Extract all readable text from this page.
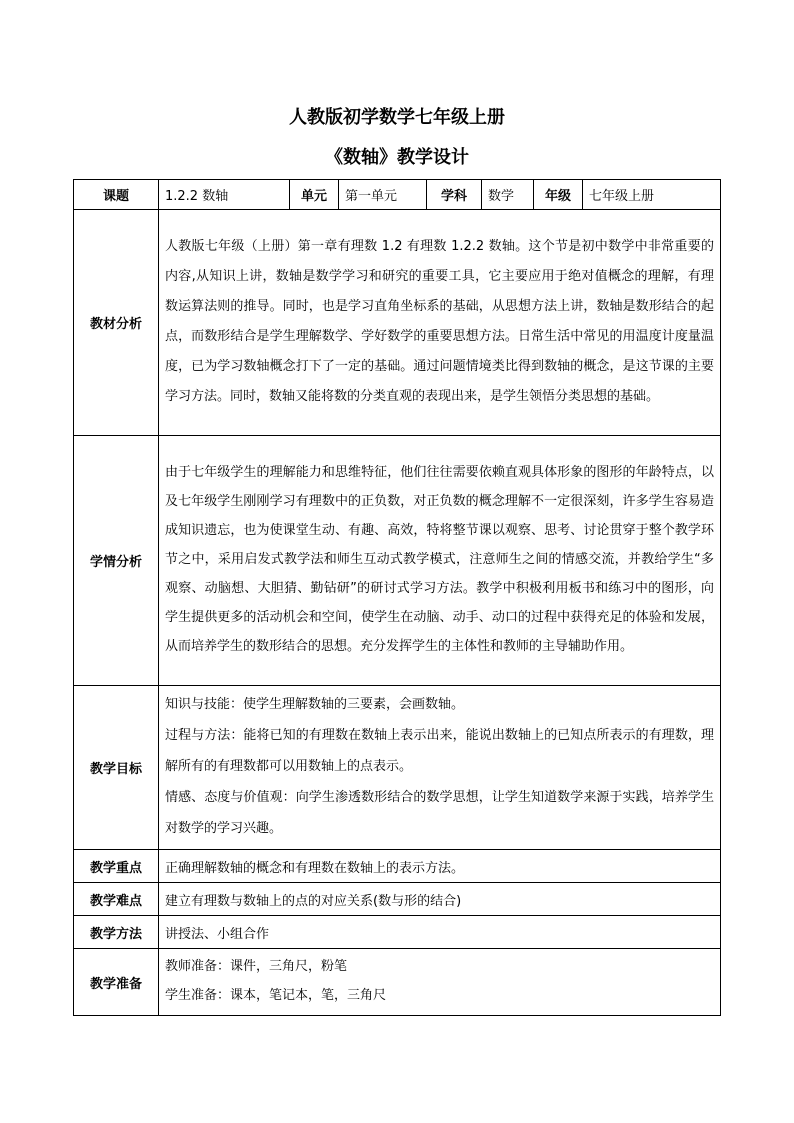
人教版初学数学七年级上册
《数轴》教学设计
课题	1.2.2 数轴	单元	第一单元	学科	数学	年级	七年级上册
教材分析	人教版七年级（上册）第一章有理数 1.2 有理数 1.2.2 数轴。这个节是初中数学中非常重要的内容,从知识上讲，数轴是数学学习和研究的重要工具，它主要应用于绝对值概念的理解，有理数运算法则的推导。同时，也是学习直角坐标系的基础，从思想方法上讲，数轴是数形结合的起点，而数形结合是学生理解数学、学好数学的重要思想方法。日常生活中常见的用温度计度量温度，已为学习数轴概念打下了一定的基础。通过问题情境类比得到数轴的概念，是这节课的主要学习方法。同时，数轴又能将数的分类直观的表现出来，是学生领悟分类思想的基础。						
学情分析	由于七年级学生的理解能力和思维特征，他们往往需要依赖直观具体形象的图形的年龄特点，以及七年级学生刚刚学习有理数中的正负数，对正负数的概念理解不一定很深刻，许多学生容易造成知识遗忘，也为使课堂生动、有趣、高效，特将整节课以观察、思考、讨论贯穿于整个教学环节之中，采用启发式教学法和师生互动式教学模式，注意师生之间的情感交流，并教给学生“多观察、动脑想、大胆猜、勤钻研”的研讨式学习方法。教学中积极利用板书和练习中的图形，向学生提供更多的活动机会和空间，使学生在动脑、动手、动口的过程中获得充足的体验和发展，从而培养学生的数形结合的思想。充分发挥学生的主体性和教师的主导辅助作用。						
教学目标	知识与技能：使学生理解数轴的三要素，会画数轴。

过程与方法：能将已知的有理数在数轴上表示出来，能说出数轴上的已知点所表示的有理数，理解所有的有理数都可以用数轴上的点表示。

情感、态度与价值观：向学生渗透数形结合的数学思想，让学生知道数学来源于实践，培养学生对数学的学习兴趣。						

教学重点	正确理解数轴的概念和有理数在数轴上的表示方法。						
教学难点	建立有理数与数轴上的点的对应关系(数与形的结合)						
教学方法	讲授法、小组合作						
教学准备	教师准备：课件，三角尺，粉笔

学生准备：课本，笔记本，笔，三角尺						
